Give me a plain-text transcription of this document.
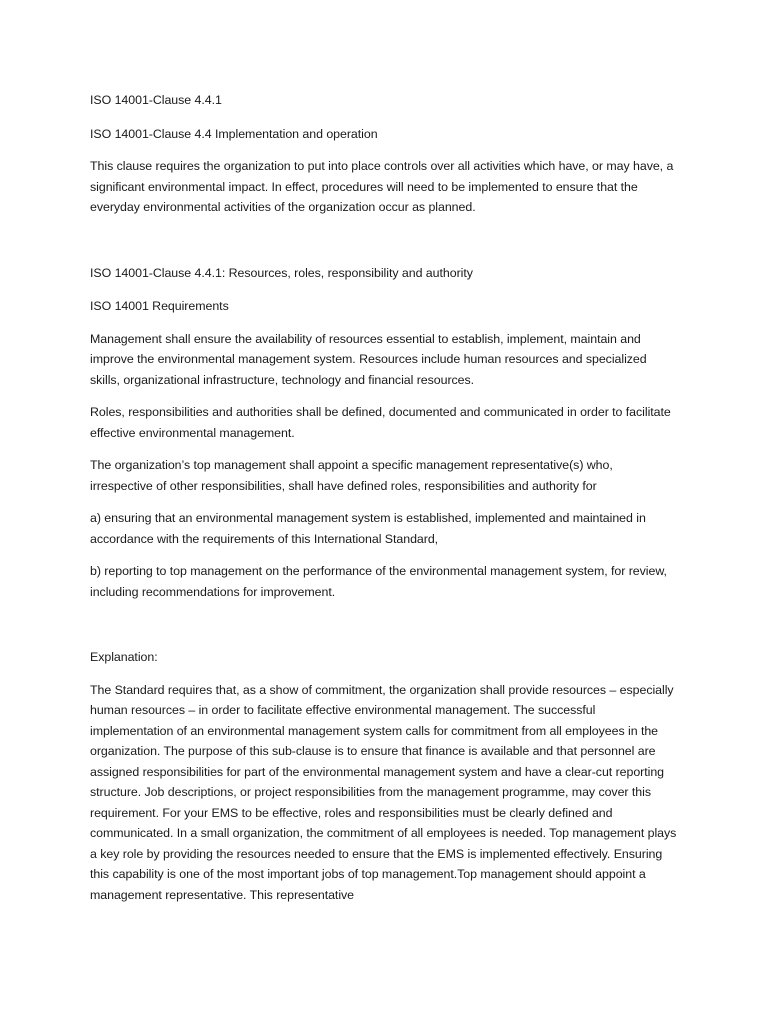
ISO 14001-Clause 4.4.1

ISO 14001-Clause 4.4 Implementation and operation

This clause requires the organization to put into place controls over all activities which have, or may have, a significant environmental impact. In effect, procedures will need to be implemented to ensure that the everyday environmental activities of the organization occur as planned.

ISO 14001-Clause 4.4.1: Resources, roles, responsibility and authority

ISO 14001 Requirements

Management shall ensure the availability of resources essential to establish, implement, maintain and improve the environmental management system. Resources include human resources and specialized skills, organizational infrastructure, technology and financial resources.

Roles, responsibilities and authorities shall be defined, documented and communicated in order to facilitate effective environmental management.

The organization’s top management shall appoint a specific management representative(s) who, irrespective of other responsibilities, shall have defined roles, responsibilities and authority for

a) ensuring that an environmental management system is established, implemented and maintained in accordance with the requirements of this International Standard,

b) reporting to top management on the performance of the environmental management system, for review, including recommendations for improvement.

Explanation:

The Standard requires that, as a show of commitment, the organization shall provide resources – especially human resources – in order to facilitate effective environmental management. The successful implementation of an environmental management system calls for commitment from all employees in the organization. The purpose of this sub-clause is to ensure that finance is available and that personnel are assigned responsibilities for part of the environmental management system and have a clear-cut reporting structure. Job descriptions, or project responsibilities from the management programme, may cover this requirement. For your EMS to be effective, roles and responsibilities must be clearly defined and communicated. In a small organization, the commitment of all employees is needed. Top management plays a key role by providing the resources needed to ensure that the EMS is implemented effectively. Ensuring this capability is one of the most important jobs of top management.Top management should appoint a management representative. This representative
